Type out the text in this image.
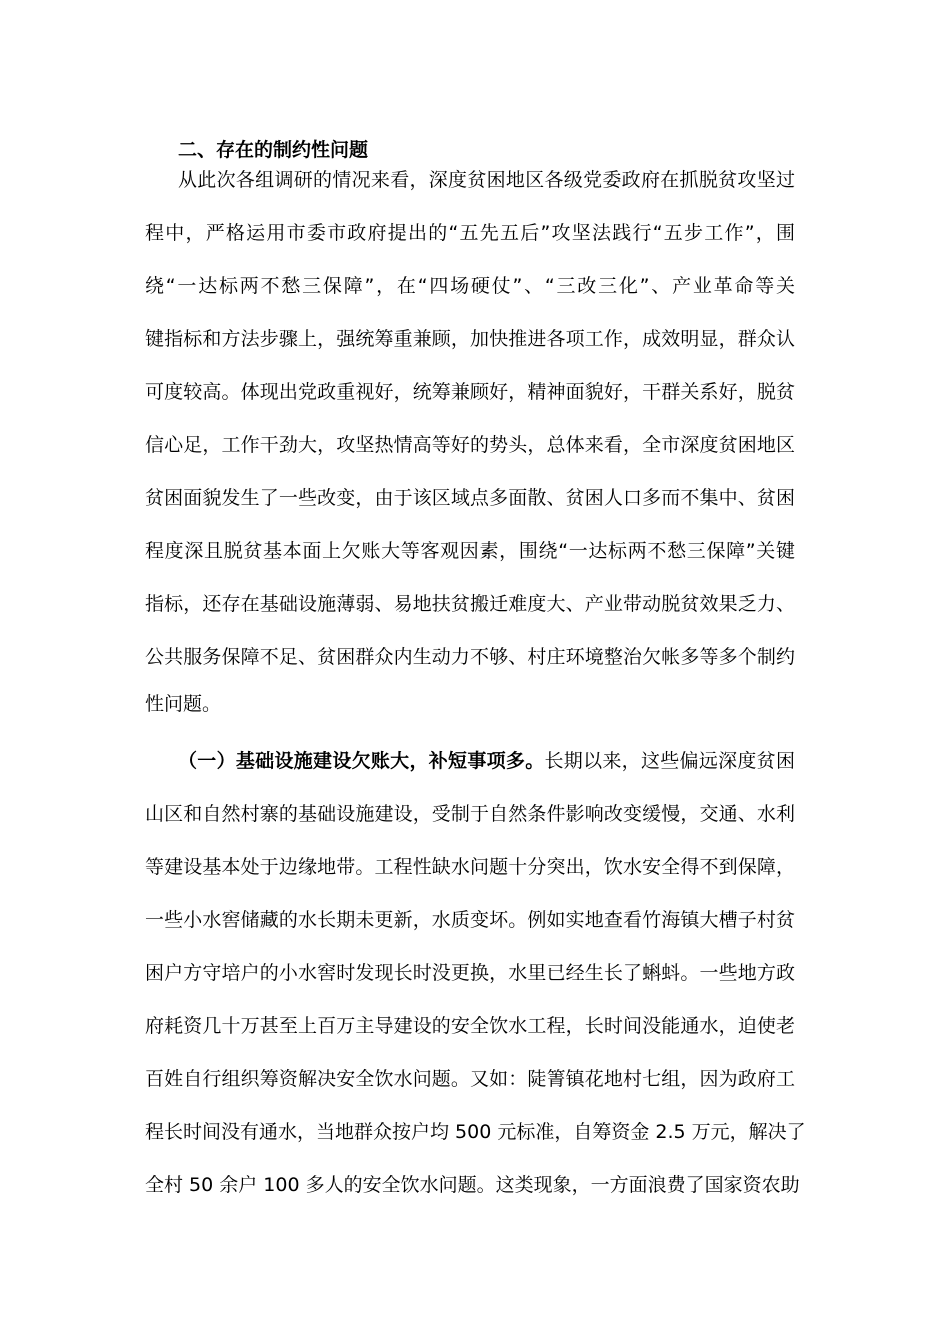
二、存在的制约性问题
从此次各组调研的情况来看，深度贫困地区各级党委政府在抓脱贫攻坚过
程中，严格运用市委市政府提出的“五先五后”攻坚法践行“五步工作”，围
绕“一达标两不愁三保障”，在“四场硬仗”、“三改三化”、产业革命等关
键指标和方法步骤上，强统筹重兼顾，加快推进各项工作，成效明显，群众认
可度较高。体现出党政重视好，统筹兼顾好，精神面貌好，干群关系好，脱贫
信心足，工作干劲大，攻坚热情高等好的势头，总体来看，全市深度贫困地区
贫困面貌发生了一些改变，由于该区域点多面散、贫困人口多而不集中、贫困
程度深且脱贫基本面上欠账大等客观因素，围绕“一达标两不愁三保障”关键
指标，还存在基础设施薄弱、易地扶贫搬迁难度大、产业带动脱贫效果乏力、
公共服务保障不足、贫困群众内生动力不够、村庄环境整治欠帐多等多个制约
性问题。
（一）基础设施建设欠账大，补短事项多。长期以来，这些偏远深度贫困
山区和自然村寨的基础设施建设，受制于自然条件影响改变缓慢，交通、水利
等建设基本处于边缘地带。工程性缺水问题十分突出，饮水安全得不到保障，
一些小水窖储藏的水长期未更新，水质变坏。例如实地查看竹海镇大槽子村贫
困户方守培户的小水窖时发现长时没更换，水里已经生长了蝌蚪。一些地方政
府耗资几十万甚至上百万主导建设的安全饮水工程，长时间没能通水，迫使老
百姓自行组织筹资解决安全饮水问题。又如：陡箐镇花地村七组，因为政府工
程长时间没有通水，当地群众按户均 500 元标准，自筹资金 2.5 万元，解决了
全村 50 余户 100 多人的安全饮水问题。这类现象，一方面浪费了国家资农助
